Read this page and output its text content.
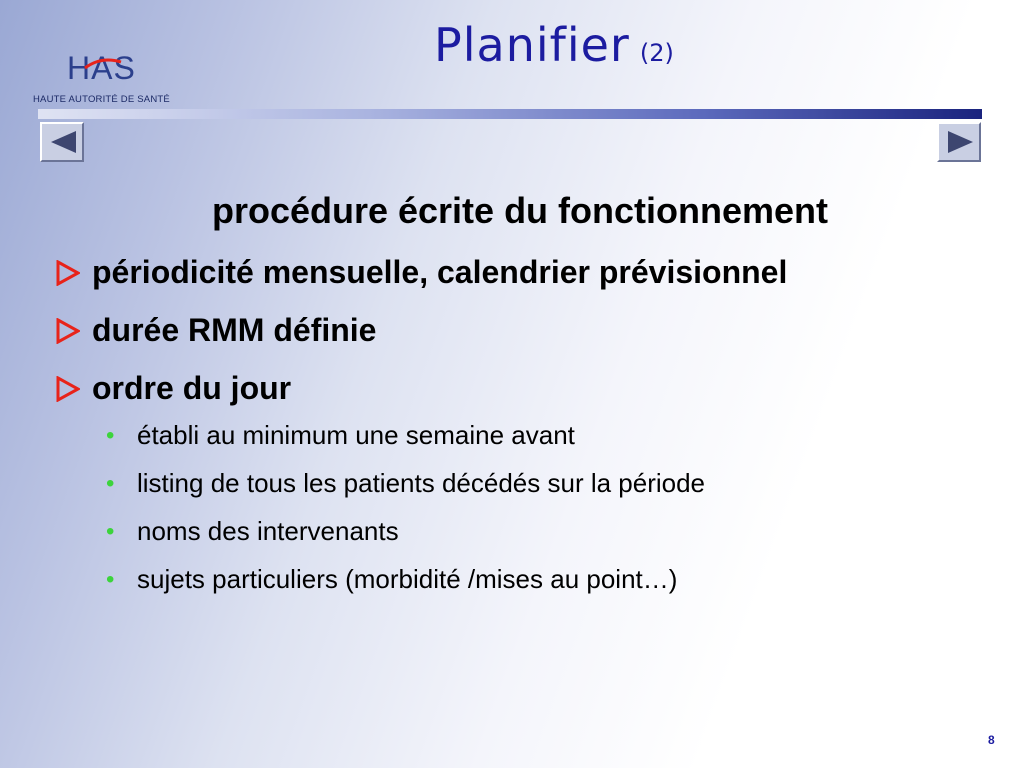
HAS
HAUTE AUTORITÉ DE SANTÉ
Planifier (2)
procédure écrite du fonctionnement
périodicité mensuelle, calendrier prévisionnel
durée RMM définie
ordre du jour
• établi au minimum une semaine avant
• listing de tous les patients décédés sur la période
• noms des intervenants
• sujets particuliers (morbidité /mises au point…)
8
